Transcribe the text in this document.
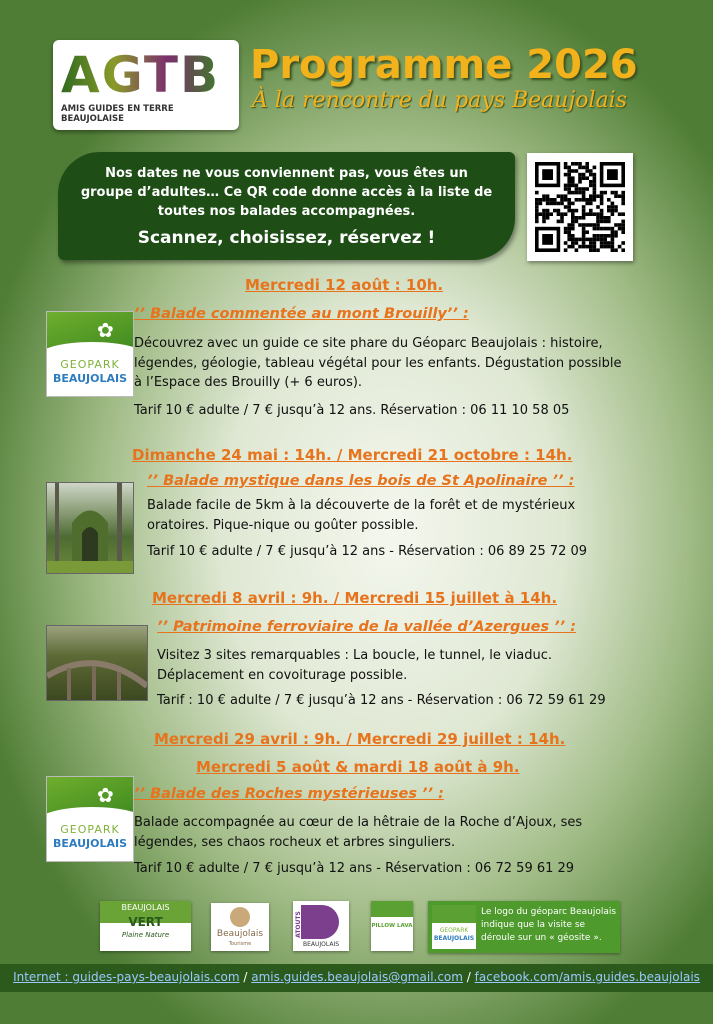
AGTB
AMIS GUIDES EN TERRE BEAUJOLAISE
Programme 2026
À la rencontre du pays Beaujolais
Nos dates ne vous conviennent pas, vous êtes un
groupe d’adultes… Ce QR code donne accès à la liste de
toutes nos balades accompagnées.
Scannez, choisissez, réservez !
Mercredi 12 août : 10h.
✿
GEOPARK
BEAUJOLAIS
’’ Balade commentée au mont Brouilly’’ :
Découvrez avec un guide ce site phare du Géoparc Beaujolais : histoire,
légendes, géologie, tableau végétal pour les enfants. Dégustation possible
à l’Espace des Brouilly (+ 6 euros).
Tarif 10 € adulte / 7 € jusqu’à 12 ans. Réservation : 06 11 10 58 05
Dimanche 24 mai : 14h. / Mercredi 21 octobre : 14h.
’’ Balade mystique dans les bois de St Apolinaire ’’ :
Balade facile de 5km à la découverte de la forêt et de mystérieux
oratoires. Pique-nique ou goûter possible.
Tarif 10 € adulte / 7 € jusqu’à 12 ans - Réservation : 06 89 25 72 09
Mercredi 8 avril : 9h. / Mercredi 15 juillet à 14h.
’’ Patrimoine ferroviaire de la vallée d’Azergues ’’ :
Visitez 3 sites remarquables : La boucle, le tunnel, le viaduc.
Déplacement en covoiturage possible.
Tarif : 10 € adulte / 7 € jusqu’à 12 ans - Réservation : 06 72 59 61 29
Mercredi 29 avril : 9h. / Mercredi 29 juillet : 14h.
Mercredi 5 août & mardi 18 août à 9h.
✿
GEOPARK
BEAUJOLAIS
’’ Balade des Roches mystérieuses ’’ :
Balade accompagnée au cœur de la hêtraie de la Roche d’Ajoux, ses
légendes, ses chaos rocheux et arbres singuliers.
Tarif 10 € adulte / 7 € jusqu’à 12 ans - Réservation : 06 72 59 61 29
BEAUJOLAIS
VERT
Plaine Nature	Beaujolais
Tourisme
ATOUTS
BEAUJOLAIS
PILLOW LAVA
GEOPARK
BEAUJOLAIS
Le logo du géoparc Beaujolais indique que la visite se déroule sur un « géosite ».
Internet : guides-pays-beaujolais.com / amis.guides.beaujolais@gmail.com / facebook.com/amis.guides.beaujolais
